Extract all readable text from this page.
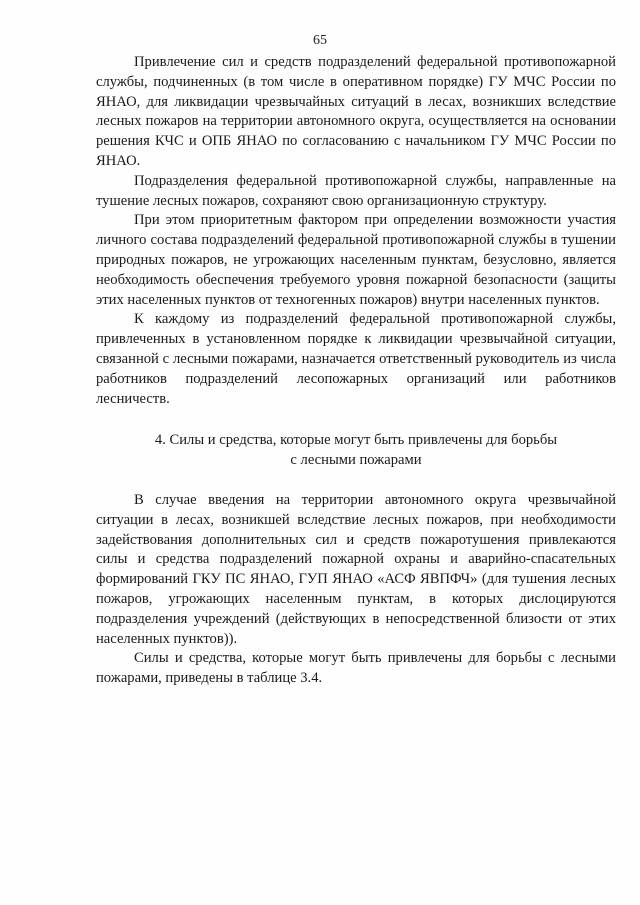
65

Привлечение сил и средств подразделений федеральной противопожарной службы, подчиненных (в том числе в оперативном порядке) ГУ МЧС России по ЯНАО, для ликвидации чрезвычайных ситуаций в лесах, возникших вследствие лесных пожаров на территории автономного округа, осуществляется на основании решения КЧС и ОПБ ЯНАО по согласованию с начальником ГУ МЧС России по ЯНАО.

Подразделения федеральной противопожарной службы, направленные на тушение лесных пожаров, сохраняют свою организационную структуру.

При этом приоритетным фактором при определении возможности участия личного состава подразделений федеральной противопожарной службы в тушении природных пожаров, не угрожающих населенным пунктам, безусловно, является необходимость обеспечения требуемого уровня пожарной безопасности (защиты этих населенных пунктов от техногенных пожаров) внутри населенных пунктов.

К каждому из подразделений федеральной противопожарной службы, привлеченных в установленном порядке к ликвидации чрезвычайной ситуации, связанной с лесными пожарами, назначается ответственный руководитель из числа работников подразделений лесопожарных организаций или работников лесничеств.

4. Силы и средства, которые могут быть привлечены для борьбы
с лесными пожарами

В случае введения на территории автономного округа чрезвычайной ситуации в лесах, возникшей вследствие лесных пожаров, при необходимости задействования дополнительных сил и средств пожаротушения привлекаются силы и средства подразделений пожарной охраны и аварийно-спасательных формирований ГКУ ПС ЯНАО, ГУП ЯНАО «АСФ ЯВПФЧ» (для тушения лесных пожаров, угрожающих населенным пунктам, в которых дислоцируются подразделения учреждений (действующих в непосредственной близости от этих населенных пунктов)).

Силы и средства, которые могут быть привлечены для борьбы с лесными пожарами, приведены в таблице 3.4.
